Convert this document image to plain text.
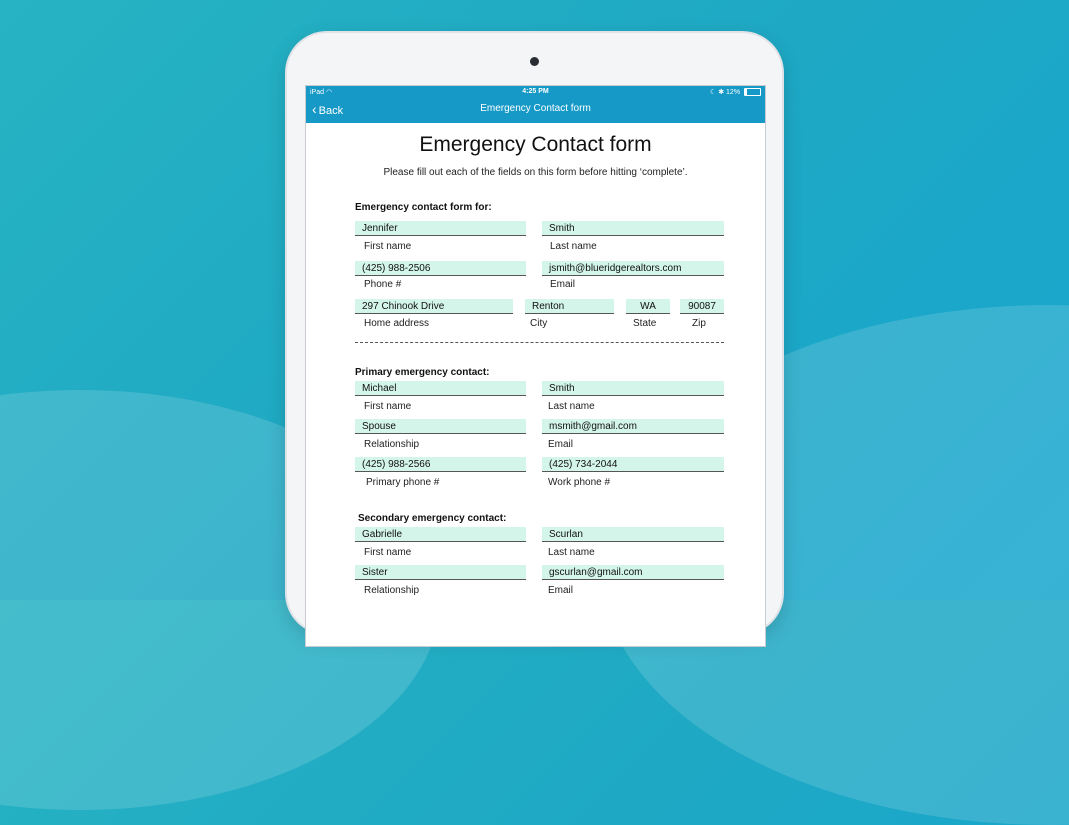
iPad ◠	4:25 PM	☾ ✱ 12%
‹ Back	Emergency Contact form
Emergency Contact form
Please fill out each of the fields on this form before hitting ‘complete’.
Emergency contact form for:
Jennifer
First name
Smith
Last name
(425) 988-2506
Phone #
jsmith@blueridgerealtors.com
Email
297 Chinook Drive
Home address
Renton
City
WA
State
90087
Zip
Primary emergency contact:
Michael
First name
Smith
Last name
Spouse
Relationship
msmith@gmail.com
Email
(425) 988-2566
Primary phone #
(425) 734-2044
Work phone #
Secondary emergency contact:
Gabrielle
First name
Scurlan
Last name
Sister
Relationship
gscurlan@gmail.com
Email
